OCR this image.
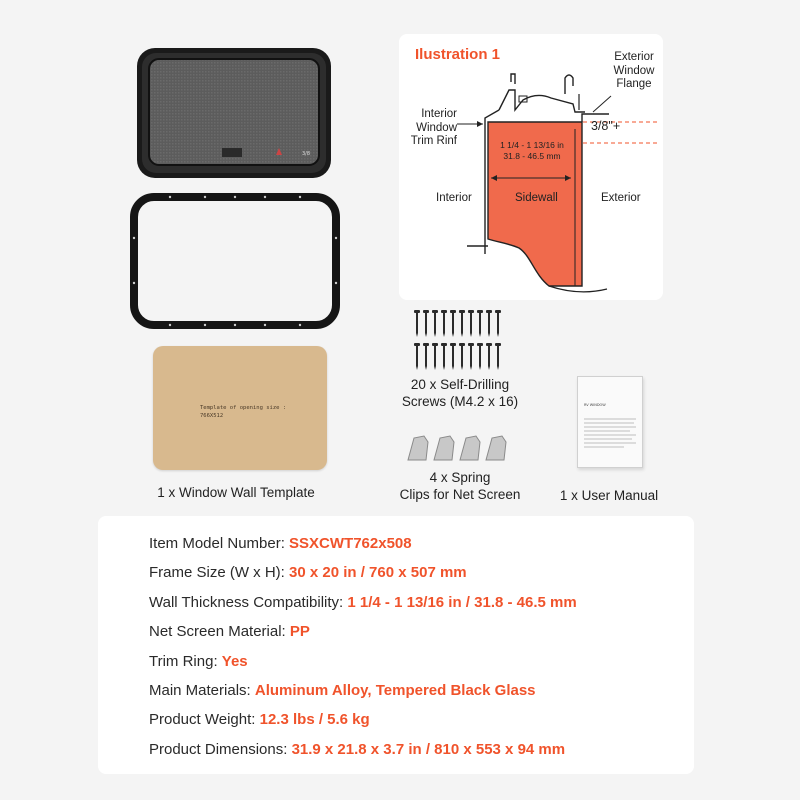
3/8
Template of opening size :
766X512
1 x Window Wall Template
Ilustration 1	Exterior Window Flange
Interior Window Trim Rinf
3/8"+
1 1/4 - 1 13/16 in
31.8 - 46.5 mm
Interior	Sidewall	Exterior
20 x Self-Drilling
Screws (M4.2 x 16)
4 x Spring
Clips for Net Screen
RV WINDOW
1 x User Manual
Item Model Number: SSXCWT762x508
Frame Size (W x H): 30 x 20 in / 760 x 507 mm
Wall Thickness Compatibility: 1 1/4 - 1 13/16 in / 31.8 - 46.5 mm
Net Screen Material: PP
Trim Ring: Yes
Main Materials: Aluminum Alloy, Tempered Black Glass
Product Weight: 12.3 lbs / 5.6 kg
Product Dimensions: 31.9 x 21.8 x 3.7 in / 810 x 553 x 94 mm
